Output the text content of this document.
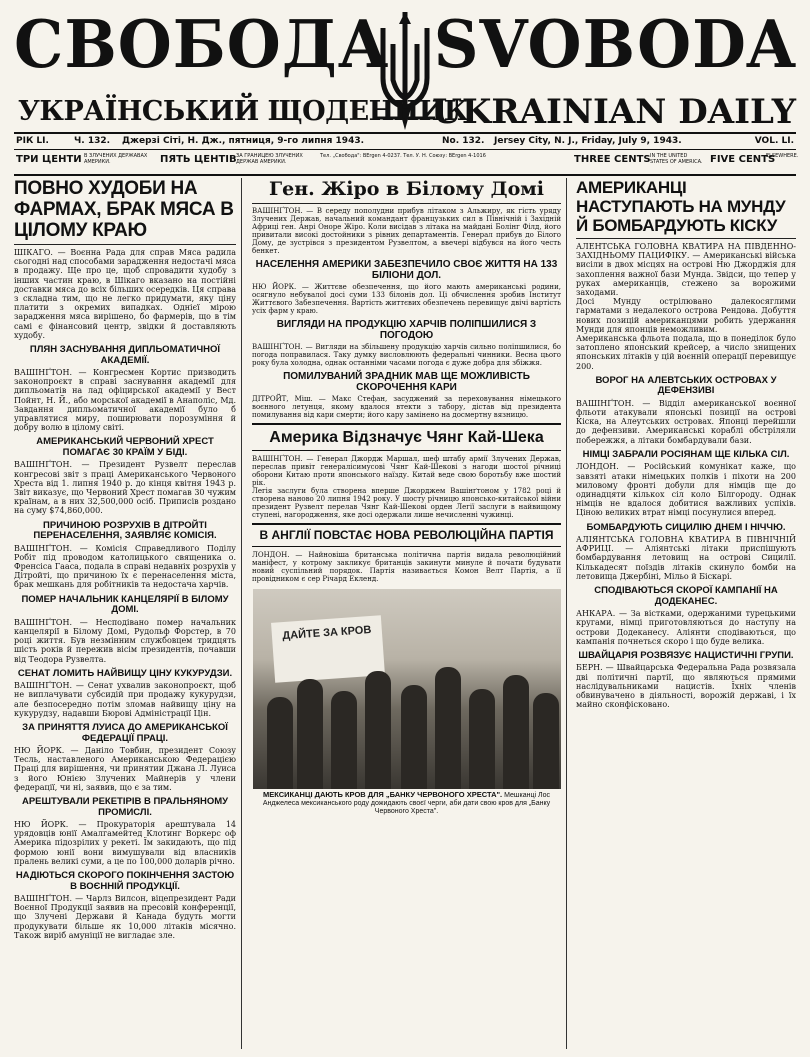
СВОБОДА SVOBODA
УКРАЇНСЬКИЙ ЩОДЕННИК
UKRAINIAN DAILY
РІК LI.	Ч. 132. Джерзі Сіті, Н. Дж., пятниця, 9-го липня 1943.	No. 132. Jersey City, N. J., Friday, July 9, 1943.	VOL. LI.
ТРИ ЦЕНТИ В ЗЛУЧЕНИХ ДЕРЖАВАХ АМЕРИКИ.	ПЯТЬ ЦЕНТІВ ЗА ГРАНИЦЕЮ ЗЛУЧЕНИХ ДЕРЖАВ АМЕРИКИ.
Тел. „Свобода": BErgen 4-0237. Тел. У. Н. Союзу: BErgen 4-1016	THREE CENTS IN THE UNITED STATES OF AMERICA. FIVE CENTS
ELSEWHERE.
ПОВНО ХУДОБИ НА ФАРМАХ, БРАК МЯСА В ЦІЛОМУ КРАЮ

ШІКАГО. — Воєнна Рада для справ Мяса радила сьогодні над способами зарадження недостачі мяса в продажу. Ще про це, щоб спровадити худобу з інших частин краю, в Шікаго вказано на постійні доставки мяса до всіх більших осередків. Ця справа з складна тим, що не легко придумати, яку ціну платити з окремих випадках. Однієї мірою зарадження мяса вирішено, бо фармерів, що в тім самі є фінансовий центр, звідки й доставляють худобу.

ПЛЯН ЗАСНУВАННЯ ДИПЛЬОМАТИЧНОЇ АКАДЕМІЇ.

ВАШІНҐТОН. — Конгресмен Кортис призводить законопроєкт в справі заснування академії для дипльоматів на лад офіцирської академії у Вест Пойнт, Н. Й., або морської академії в Анаполіс, Мд. Завдання дипльоматичної академії було б управлятися миру, поширювати порозуміння й добру волю в цілому світі.

АМЕРИКАНСЬКИЙ ЧЕРВОНИЙ ХРЕСТ ПОМАГАЄ 30 КРАЇМ У БІДІ.

ВАШІНҐТОН. — Президент Рузвелт переслав конгресові звіт з праці Американського Червоного Хреста від 1. липня 1940 р. до кінця квітня 1943 р. Звіт виказує, що Червоний Хрест помагав 30 чужим країнам, а в них 32,500,000 осіб. Приписів роздано на суму $74,860,000.

ПРИЧИНОЮ РОЗРУХІВ В ДІТРОЙТІ ПЕРЕНАСЕЛЕННЯ, ЗАЯВЛЯЄ КОМІСІЯ.

ВАШІНҐТОН. — Комісія Справедливого Поділу Робіт під проводом католицького священика о. Френсіса Гааса, подала в справі недавніх розрухів у Дітройті, що причиною їх є перенаселення міста, брак мешкань для робітників та недостача харчів.

ПОМЕР НАЧАЛЬНИК КАНЦЕЛЯРІЇ В БІЛОМУ ДОМІ.

ВАШІНҐТОН. — Несподівано помер начальник канцелярії в Білому Домі, Рудольф Форстер, в 70 році життя. Був незмінним службовцем тридцять шість років й пережив вісім президентів, почавши від Теодора Рузвелта.

СЕНАТ ЛОМИТЬ НАЙВИЩУ ЦІНУ КУКУРУДЗИ.

ВАШІНҐТОН. — Сенат ухвалив законопроєкт, щоб не виплачувати субсидій при продажу кукурудзи, але безпосередно потім зломав найвищу ціну на кукурудзу, надавши Бюрові Адміністрації Цін.

ЗА ПРИНЯТТЯ ЛУИСА ДО АМЕРИКАНСЬКОЇ ФЕДЕРАЦІЇ ПРАЦІ.

НЮ ЙОРК. — Даніло Товбин, президент Союзу Тесль, наставленого Американською Федерацією Праці для вирішення, чи принятии Джана Л. Луиса з його Юнією Злучених Майнерів у члени федерації, чи ні, заявив, що є за тим.

АРЕШТУВАЛИ РЕКЕТІРІВ В ПРАЛЬНЯНОМУ ПРОМИСЛІ.

НЮ ЙОРК. — Прокураторія арештувала 14 урядовців юнії Амалгамейтед Клотинг Воркерс оф Америка підозрілих у рекеті. Їм закидають, що під формою юнії вони вимушували від власників пралень великі суми, а це по 100,000 доларів річно.

НАДІЮТЬСЯ СКОРОГО ПОКІНЧЕННЯ ЗАСТОЮ В ВОЄННІЙ ПРОДУКЦІЇ.

ВАШІНҐТОН. — Чарлз Вилсон, віцепрезидент Ради Воєнної Продукції заявив на пресовій конференції, що Злучені Держави й Канада будуть могти продукувати більше як 10,000 літаків місячно. Також вирiб амуніції не вигладає зле.

Ген. Жіро в Білому Домі

ВАШІНҐТОН. — В середу пополудни прибув літаком з Альжиру, як гість уряду Злучених Держав, начальний командант французьких сил в Північній і Західній Африці ген. Анрі Оноре Жіро. Коли висідав з літака на майдані Болінг Філд, його привитали високі достойники з рівних департаментів. Генерал прибув до Білого Дому, де зустрівся з президентом Рузвелтом, а ввечері відбувся на його честь бенкет.

НАСЕЛЕННЯ АМЕРИКИ ЗАБЕЗПЕЧИЛО СВОЄ ЖИТТЯ НА 133 БІЛІОНИ ДОЛ.

НЮ ЙОРК. — Життєве обезпечення, що його мають американські родини, осягнуло небувалої досі суми 133 білонів дол. Ці обчислення зробив Інститут Життєвого Забезпечення. Вартість життєвих обезпечень перевищує двічі вартість усіх фарм у краю.

ВИГЛЯДИ НА ПРОДУКЦІЮ ХАРЧІВ ПОЛІПШИЛИСЯ З ПОГОДОЮ

ВАШІНҐТОН. — Вигляди на збільшену продукцію харчів сильно поліпшилися, бо погода поправилася. Таку думку висловлюють федеральні чинники. Весна цього року була холодна, однак останніми часами погода є дуже добра для збіжжя.

ПОМИЛУВАНИЙ ЗРАДНИК МАВ ЩЕ МОЖЛИВІСТЬ СКОРОЧЕННЯ КАРИ

ДІТРОЙТ, Міш. — Макс Стефан, засуджений за переховування німецького воєнного летунця, якому вдалося втекти з табору, дістав від президента помилування від кари смерти; його кару замінено на досмертну вязницю.

Америка Відзначує Чянг Кай-Шека

ВАШІНҐТОН. — Генерал Джордж Маршал, шеф штабу армії Злучених Держав, переслав привіт генералісимусові Чянг Кай-Шекові з нагоди шостої річниці оборони Китаю проти японського наїзду. Китай веде свою боротьбу вже шостий рік.

Легія заслуги була створена вперше Джорджем Вашінґтоном у 1782 році й створена наново 20 липня 1942 року. У шосту річницю японсько-китайської війни президент Рузвелт перелав Чянг Кай-Шекові орден Легії заслуги в найвищому ступені, нагородження, яке досі одержали лише нечисленні чужинці.

В АНГЛІЇ ПОВСТАЄ НОВА РЕВОЛЮЦІЙНА ПАРТІЯ

ЛОНДОН. — Найновіша британська політична партія видала революційний маніфест, у котрому закликує британців закинути минуле й почати будувати новий суспільний порядок. Партія називається Комон Велт Партія, а її провідником є сер Річард Екленд.

ДАЙТЕ ЗА КРОВ
МЕКСИКАНЦІ ДАЮТЬ КРОВ ДЛЯ „БАНКУ ЧЕРВОНОГО ХРЕСТА". Мешканці Лос Анджелеса мексиканського роду дожидають своєї черги, аби дати свою кров для „Банку Червоного Хреста".
АМЕРИКАНЦІ НАСТУПАЮТЬ НА МУНДУ Й БОМБАРДУЮТЬ КІСКУ

АЛЕНТСЬКА ГОЛОВНА КВАТИРА НА ПІВДЕННО-ЗАХІДНЬОМУ ПАЦИФІКУ. — Американські війська висіли в двох місцях на острові Ню Джорджія для захоплення важної бази Мунда. Звідси, що тепер у руках американців, стежено за ворожими заходами.

Досі Мунду острілювано далекосяглими гарматами з недалекого острова Рендова. Добуття нових позицій американцями робить удержання Мунди для японців неможливим.

Американська фльота подала, що в понеділок було затоплено японський крейсер, а число знищених японських літаків у цій воєнній операції перевищує 200.

ВОРОГ НА АЛЕВТСЬКИХ ОСТРОВАХ У ДЕФЕНЗИВІ

ВАШІНҐТОН. — Відділ американської воєнної фльоти атакували японські позиції на острові Кіска, на Алеутських островах. Японці перейшли до дефензиви. Американські кораблі обстріляли побережжя, а літаки бомбардували бази.

НІМЦІ ЗАБРАЛИ РОСІЯНАМ ЩЕ КІЛЬКА СІЛ.

ЛОНДОН. — Російський комунікат каже, що завзяті атаки німецьких полків і піхоти на 200 миловому фронті добули для німців ще до одинадцяти кількох сіл коло Білгороду. Однак німців не вдалося добитися важливих успіхів. Ціною великих втрат німці посунулися вперед.

БОМБАРДУЮТЬ СИЦИЛІЮ ДНЕМ І НІЧЧЮ.

АЛІЯНТСЬКА ГОЛОВНА КВАТИРА В ПІВНІЧНІЙ АФРИЦІ. — Аліянтські літаки приспішують бомбардування летовищ на острові Сицилії. Кількадесят поїздів літаків скинуло бомби на летовища Джербіні, Мільо й Біскарі.

СПОДІВАЮТЬСЯ СКОРОЇ КАМПАНІЇ НА ДОДЕКАНЕС.

АНКАРА. — За вістками, одержаними турецькими кругами, німці приготовляються до наступу на острови Додеканесу. Аліянти сподіваються, що кампанія почнеться скоро і що буде велика.

ШВАЙЦАРІЯ РОЗВЯЗУЄ НАЦИСТИЧНІ ГРУПИ.

БЕРН. — Швайцарська Федеральна Рада розвязала дві політичні партії, що являються прямими наслідувальниками нацистів. Їхніх членів обвинувачено в діяльності, ворожій державі, і їх майно сконфісковано.
